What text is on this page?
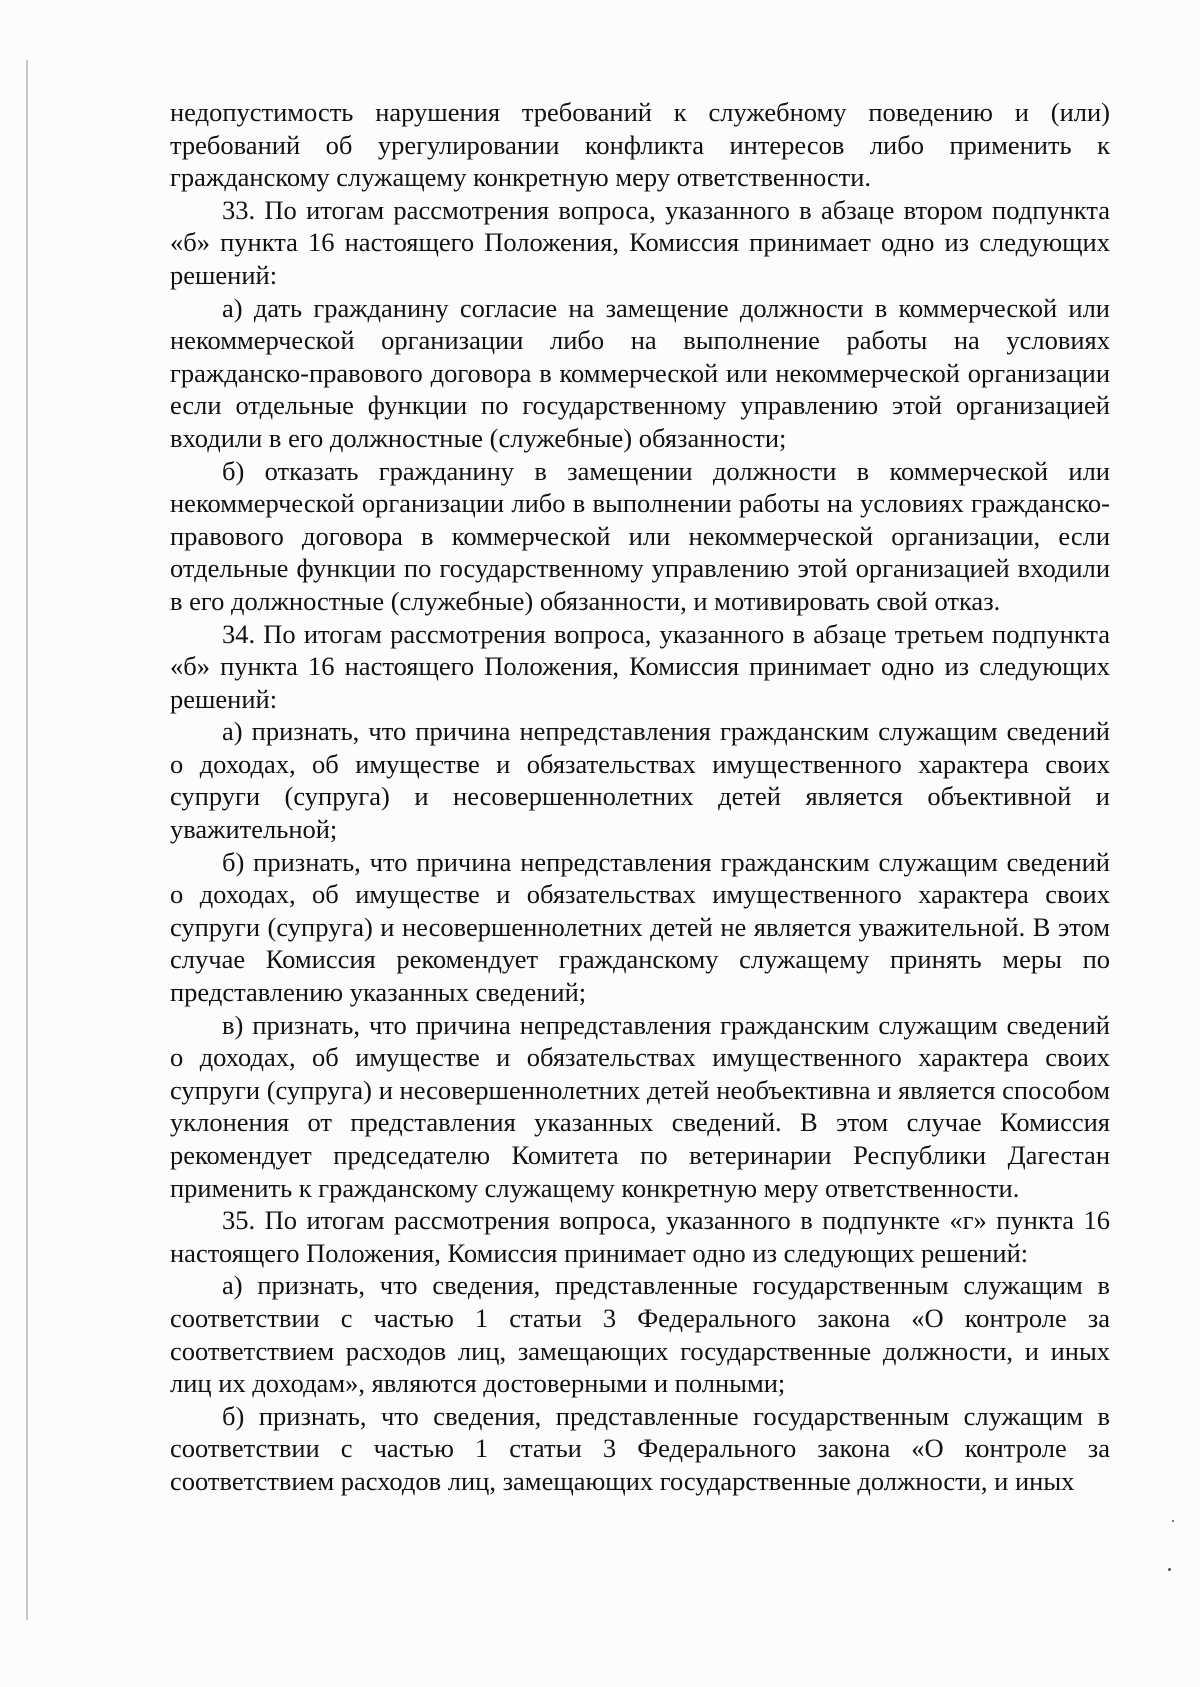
недопустимость нарушения требований к служебному поведению и (или) требований об урегулировании конфликта интересов либо применить к гражданскому служащему конкретную меру ответственности.

33. По итогам рассмотрения вопроса, указанного в абзаце втором подпункта «б» пункта 16 настоящего Положения, Комиссия принимает одно из следующих решений:

а) дать гражданину согласие на замещение должности в коммерческой или некоммерческой организации либо на выполнение работы на условиях гражданско-правового договора в коммерческой или некоммерческой организации если отдельные функции по государственному управлению этой организацией входили в его должностные (служебные) обязанности;

б) отказать гражданину в замещении должности в коммерческой или некоммерческой организации либо в выполнении работы на условиях гражданско-правового договора в коммерческой или некоммерческой организации, если отдельные функции по государственному управлению этой организацией входили в его должностные (служебные) обязанности, и мотивировать свой отказ.

34. По итогам рассмотрения вопроса, указанного в абзаце третьем подпункта «б» пункта 16 настоящего Положения, Комиссия принимает одно из следующих решений:

а) признать, что причина непредставления гражданским служащим сведений о доходах, об имуществе и обязательствах имущественного характера своих супруги (супруга) и несовершеннолетних детей является объективной и уважительной;

б) признать, что причина непредставления гражданским служащим сведений о доходах, об имуществе и обязательствах имущественного характера своих супруги (супруга) и несовершеннолетних детей не является уважительной. В этом случае Комиссия рекомендует гражданскому служащему принять меры по представлению указанных сведений;

в) признать, что причина непредставления гражданским служащим сведений о доходах, об имуществе и обязательствах имущественного характера своих супруги (супруга) и несовершеннолетних детей необъективна и является способом уклонения от представления указанных сведений. В этом случае Комиссия рекомендует председателю Комитета по ветеринарии Республики Дагестан применить к гражданскому служащему конкретную меру ответственности.

35. По итогам рассмотрения вопроса, указанного в подпункте «г» пункта 16 настоящего Положения, Комиссия принимает одно из следующих решений:

а) признать, что сведения, представленные государственным служащим в соответствии с частью 1 статьи 3 Федерального закона «О контроле за соответствием расходов лиц, замещающих государственные должности, и иных лиц их доходам», являются достоверными и полными;

б) признать, что сведения, представленные государственным служащим в соответствии с частью 1 статьи 3 Федерального закона «О контроле за соответствием расходов лиц, замещающих государственные должности, и иных
